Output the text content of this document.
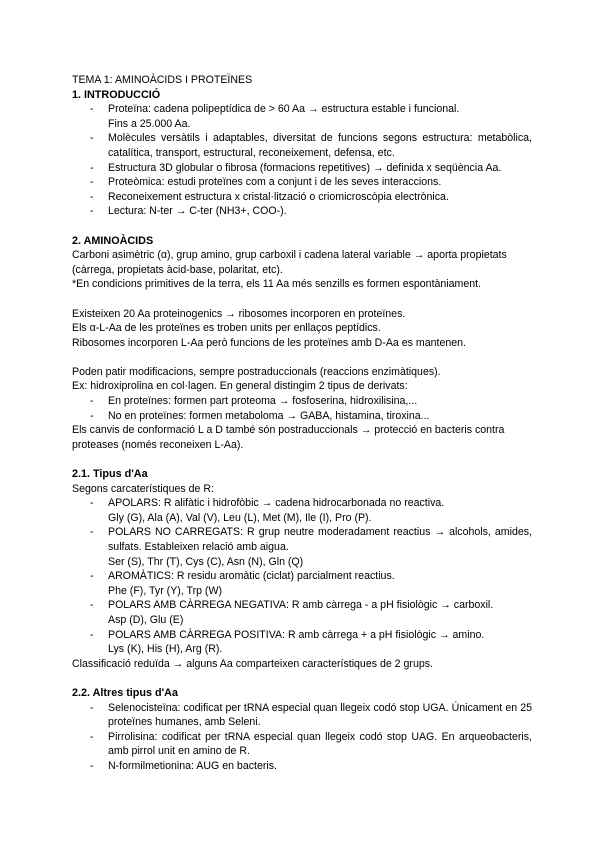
TEMA 1: AMINOÀCIDS I PROTEÏNES
1. INTRODUCCIÓ
- Proteïna: cadena polipeptídica de > 60 Aa → estructura estable i funcional.
Fins a 25.000 Aa.
- Molècules versàtils i adaptables, diversitat de funcions segons estructura: metabòlica, catalítica, transport, estructural, reconeixement, defensa, etc.
- Estructura 3D globular o fibrosa (formacions repetitives) → definida x seqüència Aa.
- Proteòmica: estudi proteïnes com a conjunt i de les seves interaccions.
- Reconeixement estructura x cristal·lització o criomicroscòpia electrònica.
- Lectura: N-ter → C-ter (NH3+, COO-).
2. AMINOÀCIDS
Carboni asimètric (α), grup amino, grup carboxil i cadena lateral variable → aporta propietats (càrrega, propietats àcid-base, polaritat, etc).
*En condicions primitives de la terra, els 11 Aa més senzills es formen espontàniament.
Existeixen 20 Aa proteinogenics → ribosomes incorporen en proteïnes.
Els α-L-Aa de les proteïnes es troben units per enllaços peptídics.
Ribosomes incorporen L-Aa però funcions de les proteïnes amb D-Aa es mantenen.
Poden patir modificacions, sempre postraduccionals (reaccions enzimàtiques).
Ex: hidroxiprolina en col·lagen. En general distingim 2 tipus de derivats:
- En proteïnes: formen part proteoma → fosfoserina, hidroxilisina,...
- No en proteïnes: formen metaboloma → GABA, histamina, tiroxina...
Els canvis de conformació L a D també són postraduccionals → protecció en bacteris contra proteases (només reconeixen L-Aa).
2.1. Tipus d'Aa
Segons carcaterístiques de R:
- APOLARS: R alifàtic i hidrofòbic → cadena hidrocarbonada no reactiva.
Gly (G), Ala (A), Val (V), Leu (L), Met (M), Ile (I), Pro (P).
- POLARS NO CARREGATS: R grup neutre moderadament reactius → alcohols, amides, sulfats. Estableixen relació amb aigua.
Ser (S), Thr (T), Cys (C), Asn (N), Gln (Q)
- AROMÀTICS: R residu aromàtic (ciclat) parcialment reactius.
Phe (F), Tyr (Y), Trp (W)
- POLARS AMB CÀRREGA NEGATIVA: R amb càrrega - a pH fisiològic → carboxil.
Asp (D), Glu (E)
- POLARS AMB CÀRREGA POSITIVA: R amb càrrega + a pH fisiològic → amino.
Lys (K), His (H), Arg (R).
Classificació reduïda → alguns Aa comparteixen característiques de 2 grups.
2.2. Altres tipus d'Aa
- Selenocisteïna: codificat per tRNA especial quan llegeix codó stop UGA. Únicament en 25 proteïnes humanes, amb Seleni.
- Pirrolisina: codificat per tRNA especial quan llegeix codó stop UAG. En arqueobacteris, amb pirrol unit en amino de R.
- N-formilmetionina: AUG en bacteris.
